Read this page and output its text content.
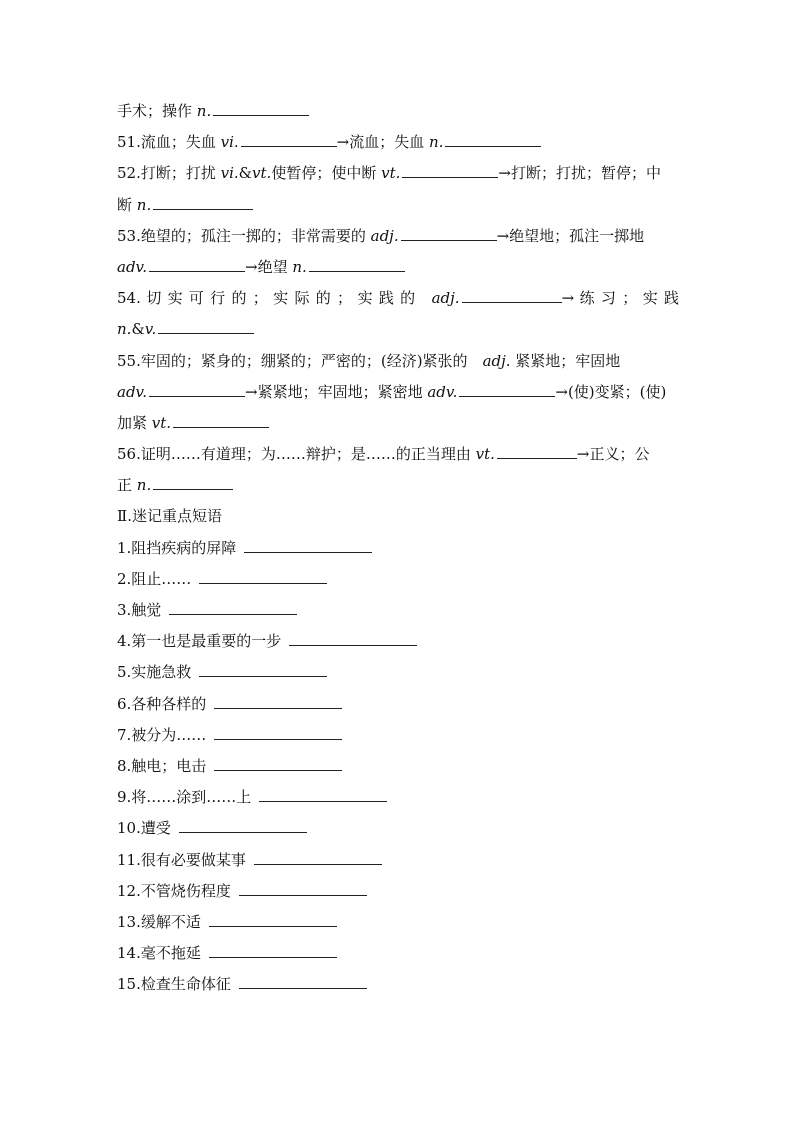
手术；操作 n.
51.流血；失血 vi.	→流血；失血 n.
52.打断；打扰 vi.&vt.使暂停；使中断 vt.	→打断；打扰；暂停；中
断 n.
53.绝望的；孤注一掷的；非常需要的 adj.	→绝望地；孤注一掷地
adv.	→绝望 n.
54. 切 实 可 行 的 ； 实 际 的 ； 实 践 的　adj.	→ 练 习 ； 实 践
n.&v.
55.牢固的；紧身的；绷紧的；严密的；(经济)紧张的　adj. 紧紧地；牢固地
adv.	→紧紧地；牢固地；紧密地 adv.	→(使)变紧；(使)
加紧 vt.
56.证明……有道理；为……辩护；是……的正当理由 vt.	→正义；公
正 n.
Ⅱ.迷记重点短语
1.阻挡疾病的屏障
2.阻止……
3.触觉
4.第一也是最重要的一步
5.实施急救
6.各种各样的
7.被分为……
8.触电；电击
9.将……涂到……上
10.遭受
11.很有必要做某事
12.不管烧伤程度
13.缓解不适
14.毫不拖延
15.检查生命体征
